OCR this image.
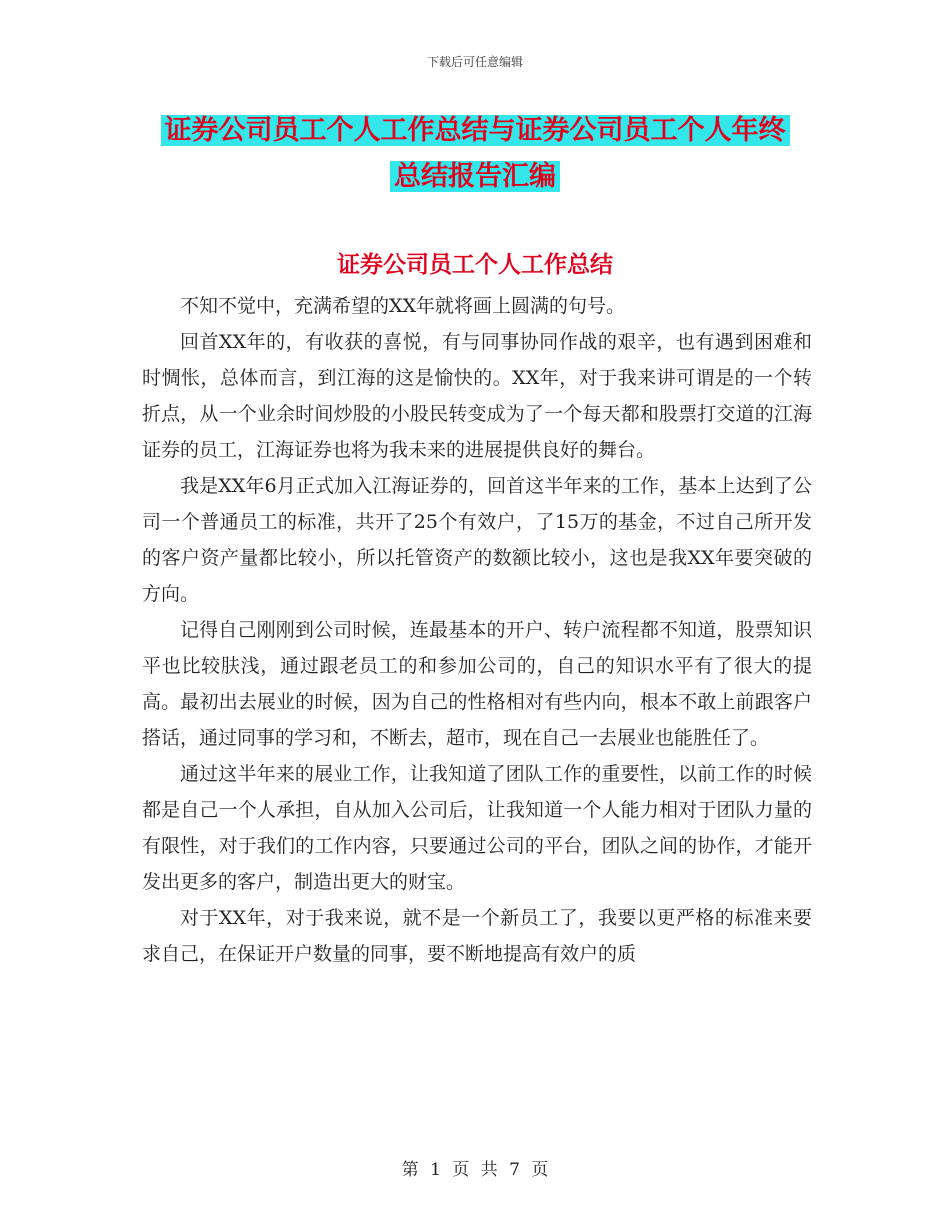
下载后可任意编辑
证券公司员工个人工作总结与证券公司员工个人年终
总结报告汇编
证券公司员工个人工作总结

不知不觉中，充满希望的XX年就将画上圆满的句号。

回首XX年的，有收获的喜悦，有与同事协同作战的艰辛，也有遇到困难和时惆怅，总体而言，到江海的这是愉快的。XX年，对于我来讲可谓是的一个转折点，从一个业余时间炒股的小股民转变成为了一个每天都和股票打交道的江海证券的员工，江海证券也将为我未来的进展提供良好的舞台。

我是XX年6月正式加入江海证券的，回首这半年来的工作，基本上达到了公司一个普通员工的标准，共开了25个有效户，了15万的基金，不过自己所开发的客户资产量都比较小，所以托管资产的数额比较小，这也是我XX年要突破的方向。

记得自己刚刚到公司时候，连最基本的开户、转户流程都不知道，股票知识平也比较肤浅，通过跟老员工的和参加公司的，自己的知识水平有了很大的提高。最初出去展业的时候，因为自己的性格相对有些内向，根本不敢上前跟客户搭话，通过同事的学习和，不断去，超市，现在自己一去展业也能胜任了。

通过这半年来的展业工作，让我知道了团队工作的重要性，以前工作的时候都是自己一个人承担，自从加入公司后，让我知道一个人能力相对于团队力量的有限性，对于我们的工作内容，只要通过公司的平台，团队之间的协作，才能开发出更多的客户，制造出更大的财宝。

对于XX年，对于我来说，就不是一个新员工了，我要以更严格的标准来要求自己，在保证开户数量的同事，要不断地提高有效户的质

第 1 页 共 7 页
